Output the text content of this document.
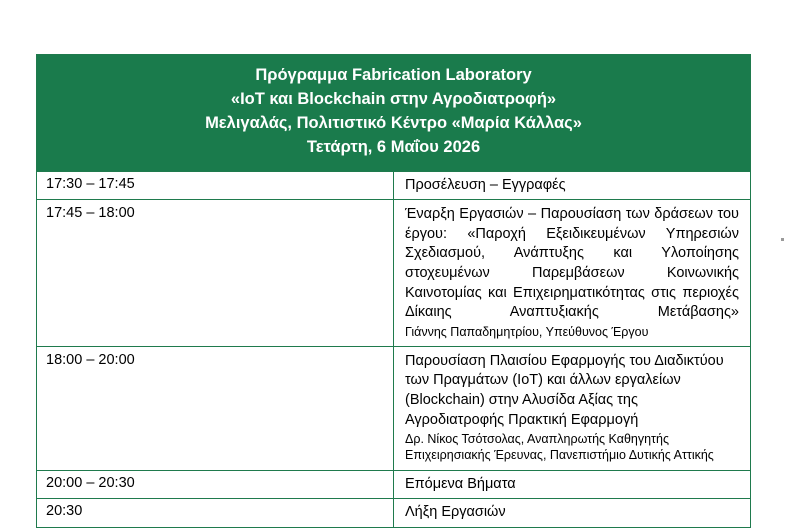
Πρόγραμμα Fabrication Laboratory
«IoT και Blockchain στην Αγροδιατροφή»
Μελιγαλάς, Πολιτιστικό Κέντρο «Μαρία Κάλλας»
Τετάρτη, 6 Μαΐου 2026	

17:30 – 17:45	Προσέλευση – Εγγραφές

17:45 – 18:00	Έναρξη Εργασιών – Παρουσίαση των δράσεων του έργου: «Παροχή Εξειδικευμένων Υπηρεσιών Σχεδιασμού, Ανάπτυξης και Υλοποίησης στοχευμένων Παρεμβάσεων Κοινωνικής Καινοτομίας και Επιχειρηματικότητας στις περιοχές Δίκαιης Αναπτυξιακής Μετάβασης»
Γιάννης Παπαδημητρίου, Υπεύθυνος Έργου

18:00 – 20:00	Παρουσίαση Πλαισίου Εφαρμογής του Διαδικτύου των Πραγμάτων (IoT) και άλλων εργαλείων (Blockchain) στην Αλυσίδα Αξίας της Αγροδιατροφής Πρακτική Εφαρμογή
Δρ. Νίκος Τσότσολας, Αναπληρωτής Καθηγητής Επιχειρησιακής Έρευνας, Πανεπιστήμιο Δυτικής Αττικής

20:00 – 20:30	Επόμενα Βήματα

20:30	Λήξη Εργασιών
